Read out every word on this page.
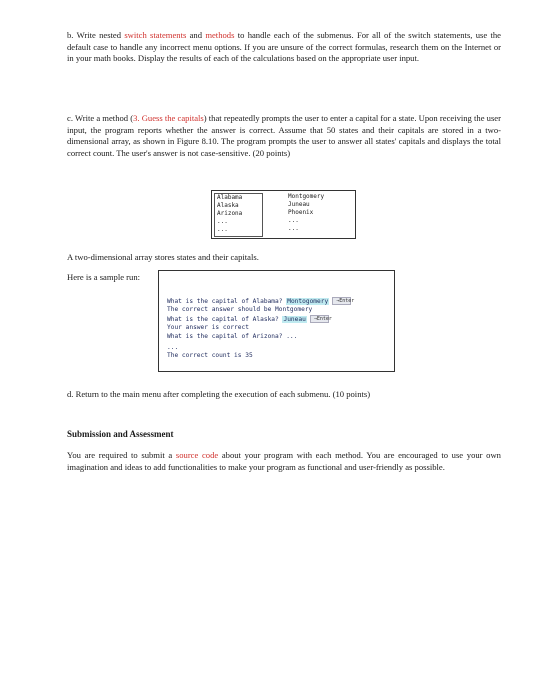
b. Write nested switch statements and methods to handle each of the submenus. For all of the switch statements, use the default case to handle any incorrect menu options. If you are unsure of the correct formulas, research them on the Internet or in your math books. Display the results of each of the calculations based on the appropriate user input.

c. Write a method (3. Guess the capitals) that repeatedly prompts the user to enter a capital for a state. Upon receiving the user input, the program reports whether the answer is correct. Assume that 50 states and their capitals are stored in a two-dimensional array, as shown in Figure 8.10. The program prompts the user to answer all states' capitals and displays the total correct count. The user's answer is not case-sensitive. (20 points)

Alabama
Alaska
Arizona
...
...
Montgomery
Juneau
Phoenix
...
...

A two-dimensional array stores states and their capitals.

Here is a sample run:

What is the capital of Alabama? Montogomery →Enter
The correct answer should be Montgomery
What is the capital of Alaska? Juneau →Enter
Your answer is correct
What is the capital of Arizona? ...
...
The correct count is 35

d. Return to the main menu after completing the execution of each submenu. (10 points)

Submission and Assessment

You are required to submit a source code about your program with each method. You are encouraged to use your own imagination and ideas to add functionalities to make your program as functional and user-friendly as possible.
